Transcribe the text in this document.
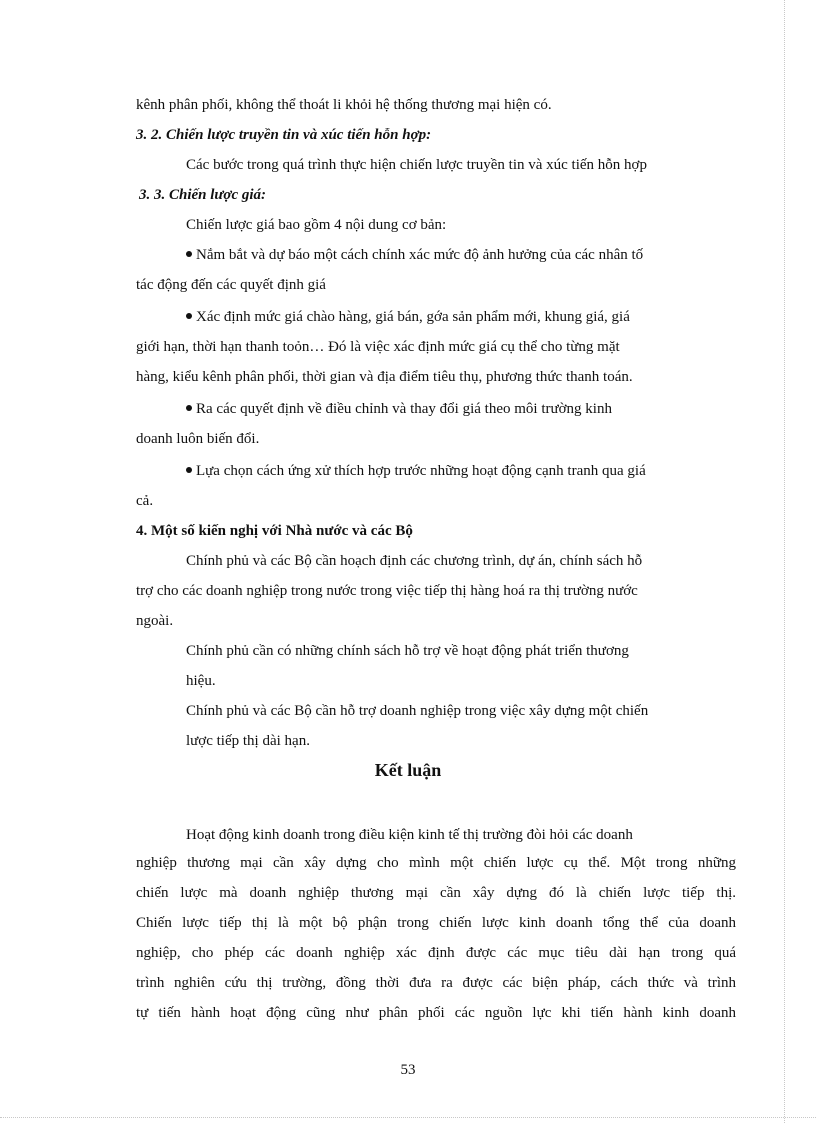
kênh phân phối, không thể thoát li khỏi hệ thống thương mại hiện có.
3. 2. Chiến lược truyền tin và xúc tiến hỗn hợp:
Các bước trong quá trình thực hiện chiến lược truyền tin và xúc tiến hỗn hợp
3. 3. Chiến lược giá:
Chiến lược giá bao gồm 4 nội dung cơ bản:
Nắm bắt và dự báo một cách chính xác mức độ ảnh hưởng của các nhân tố
tác động đến các quyết định giá
Xác định mức giá chào hàng, giá bán, gớa sản phẩm mới, khung giá, giá
giới hạn, thời hạn thanh toỏn… Đó là việc xác định mức giá cụ thể cho từng mặt
hàng, kiểu kênh phân phối, thời gian và địa điểm tiêu thụ, phương thức thanh toán.
Ra các quyết định về điều chỉnh và thay đổi giá theo môi trường kinh
doanh luôn biến đổi.
Lựa chọn cách ứng xử thích hợp trước những hoạt động cạnh tranh qua giá
cả.
4. Một số kiến nghị với Nhà nước và các Bộ
Chính phủ và các Bộ cần hoạch định các chương trình, dự án, chính sách hỗ
trợ cho các doanh nghiệp trong nước trong việc tiếp thị hàng hoá ra thị trường nước
ngoài.
Chính phủ cần có những chính sách hỗ trợ về hoạt động phát triển thương
hiệu.
Chính phủ và các Bộ cần hỗ trợ doanh nghiệp trong việc xây dựng một chiến
lược tiếp thị dài hạn.
Kết luận
Hoạt động kinh doanh trong điều kiện kinh tế thị trường đòi hỏi các doanh
nghiệp thương mại cần xây dựng cho mình một chiến lược cụ thể. Một trong những
chiến lược mà doanh nghiệp thương mại cần xây dựng đó là chiến lược tiếp thị.
Chiến lược tiếp thị là một bộ phận trong chiến lược kinh doanh tổng thể của doanh
nghiệp, cho phép các doanh nghiệp xác định được các mục tiêu dài hạn trong quá
trình nghiên cứu thị trường, đồng thời đưa ra được các biện pháp, cách thức và trình
tự tiến hành hoạt động cũng như phân phối các nguồn lực khi tiến hành kinh doanh
53
